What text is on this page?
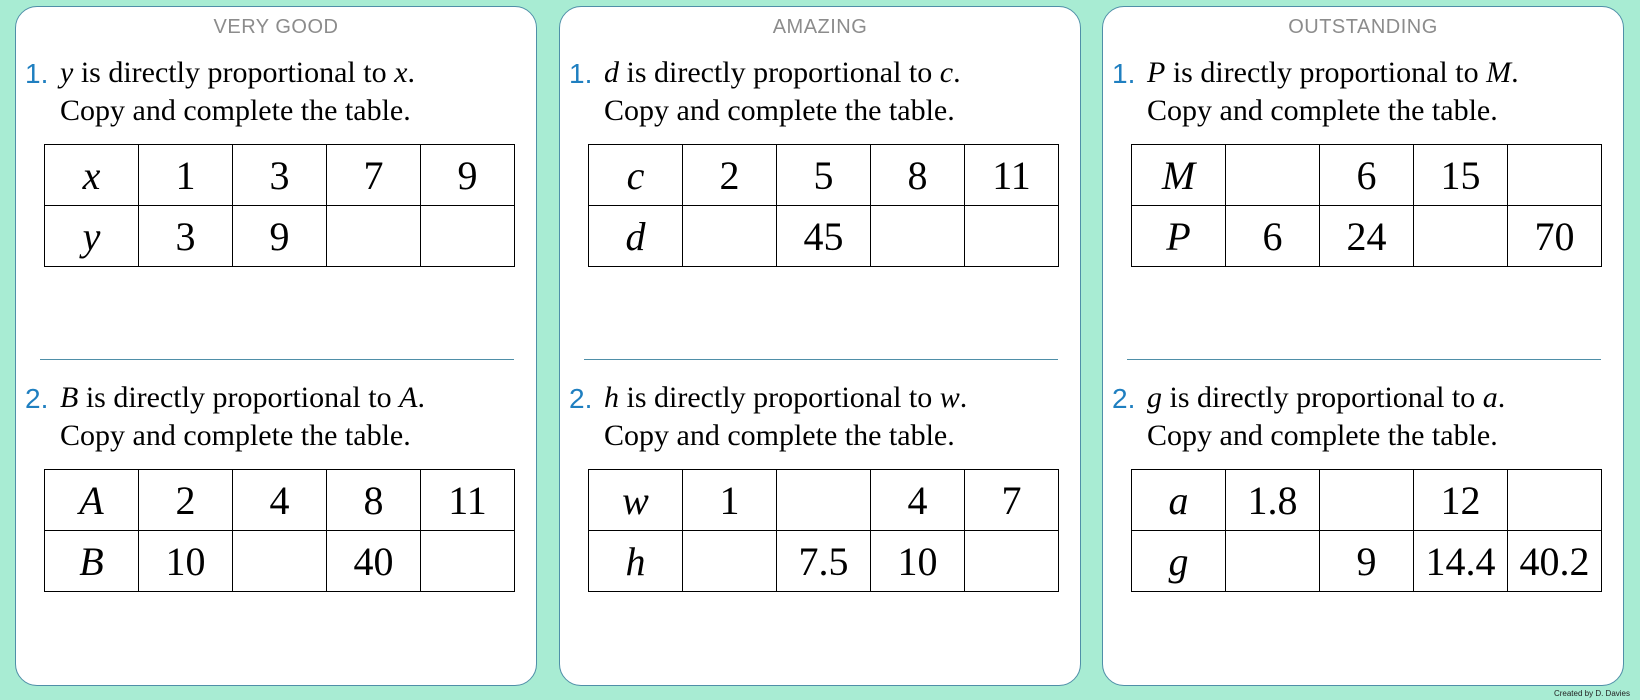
VERY GOOD
1. y is directly proportional to x.
Copy and complete the table.
x	1	3	7	9
y	3	9		
2. B is directly proportional to A.
Copy and complete the table.
A	2	4	8	11
B	10		40	
AMAZING
1. d is directly proportional to c.
Copy and complete the table.
c	2	5	8	11
d		45		
2. h is directly proportional to w.
Copy and complete the table.
w	1		4	7
h		7.5	10	
OUTSTANDING
1. P is directly proportional to M.
Copy and complete the table.
M		6	15	
P	6	24		70
2. g is directly proportional to a.
Copy and complete the table.
a	1.8		12	
g		9	14.4	40.2
Created by D. Davies
